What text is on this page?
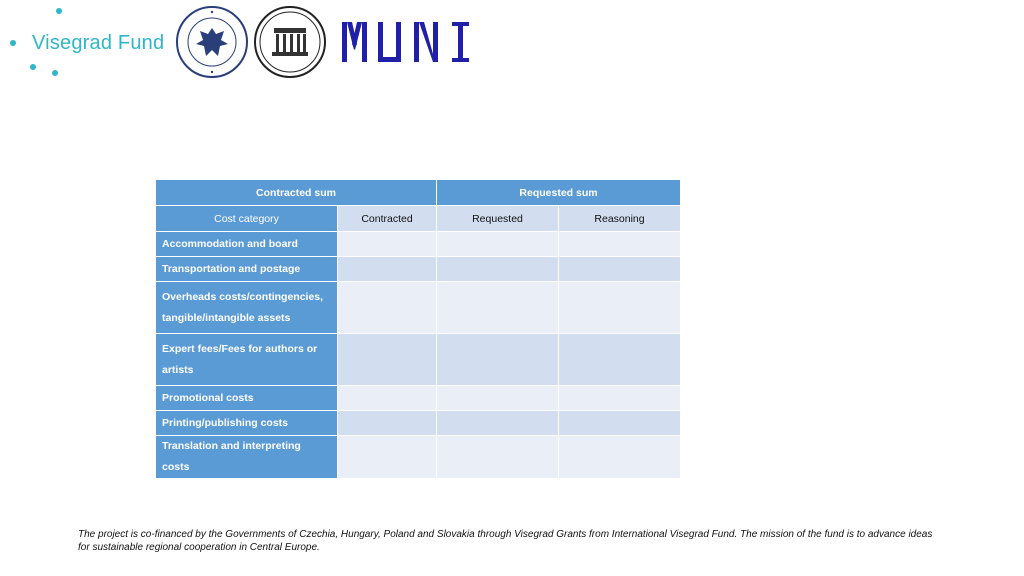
Visegrad Fund
Contracted sum		Requested sum	
Cost category	Contracted	Requested	Reasoning
Accommodation and board			
Transportation and postage			
Overheads costs/contingencies, tangible/intangible assets			
Expert fees/Fees for authors or artists			
Promotional costs			
Printing/publishing costs			
Translation and interpreting costs			
The project is co-financed by the Governments of Czechia, Hungary, Poland and Slovakia through Visegrad Grants from International Visegrad Fund. The mission of the fund is to advance ideas for sustainable regional cooperation in Central Europe.
